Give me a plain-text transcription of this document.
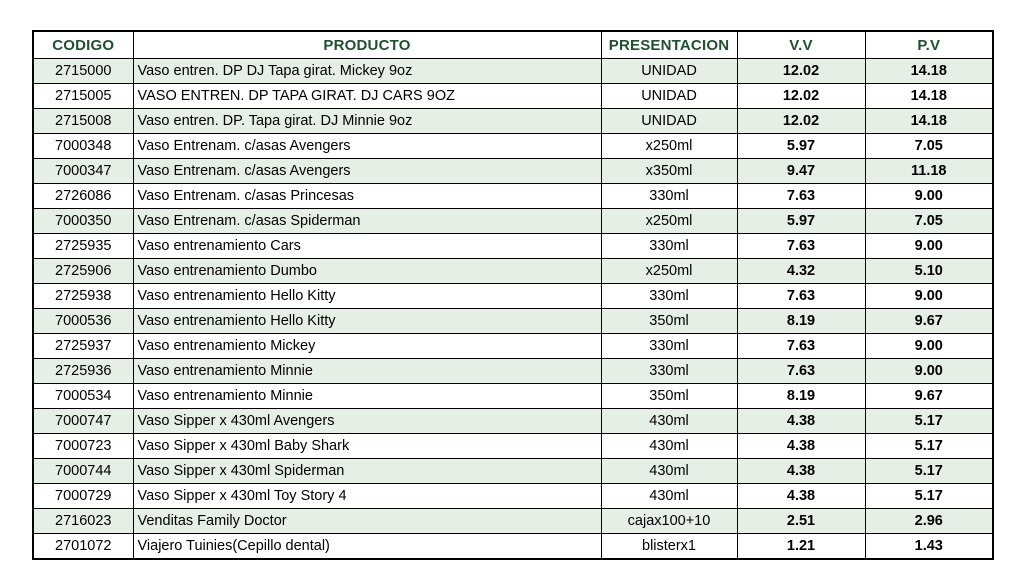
CODIGO	PRODUCTO	PRESENTACION	V.V	P.V
2715000	Vaso entren. DP DJ Tapa girat. Mickey 9oz	UNIDAD	12.02	14.18
2715005	VASO ENTREN. DP TAPA GIRAT. DJ CARS 9OZ	UNIDAD	12.02	14.18
2715008	Vaso entren. DP. Tapa girat. DJ Minnie 9oz	UNIDAD	12.02	14.18
7000348	Vaso Entrenam. c/asas Avengers	x250ml	5.97	7.05
7000347	Vaso Entrenam. c/asas Avengers	x350ml	9.47	11.18
2726086	Vaso Entrenam. c/asas Princesas	330ml	7.63	9.00
7000350	Vaso Entrenam. c/asas Spiderman	x250ml	5.97	7.05
2725935	Vaso entrenamiento Cars	330ml	7.63	9.00
2725906	Vaso entrenamiento Dumbo	x250ml	4.32	5.10
2725938	Vaso entrenamiento Hello Kitty	330ml	7.63	9.00
7000536	Vaso entrenamiento Hello Kitty	350ml	8.19	9.67
2725937	Vaso entrenamiento Mickey	330ml	7.63	9.00
2725936	Vaso entrenamiento Minnie	330ml	7.63	9.00
7000534	Vaso entrenamiento Minnie	350ml	8.19	9.67
7000747	Vaso Sipper x 430ml Avengers	430ml	4.38	5.17
7000723	Vaso Sipper x 430ml Baby Shark	430ml	4.38	5.17
7000744	Vaso Sipper x 430ml Spiderman	430ml	4.38	5.17
7000729	Vaso Sipper x 430ml Toy Story 4	430ml	4.38	5.17
2716023	Venditas Family Doctor	cajax100+10	2.51	2.96
2701072	Viajero Tuinies(Cepillo dental)	blisterx1	1.21	1.43
